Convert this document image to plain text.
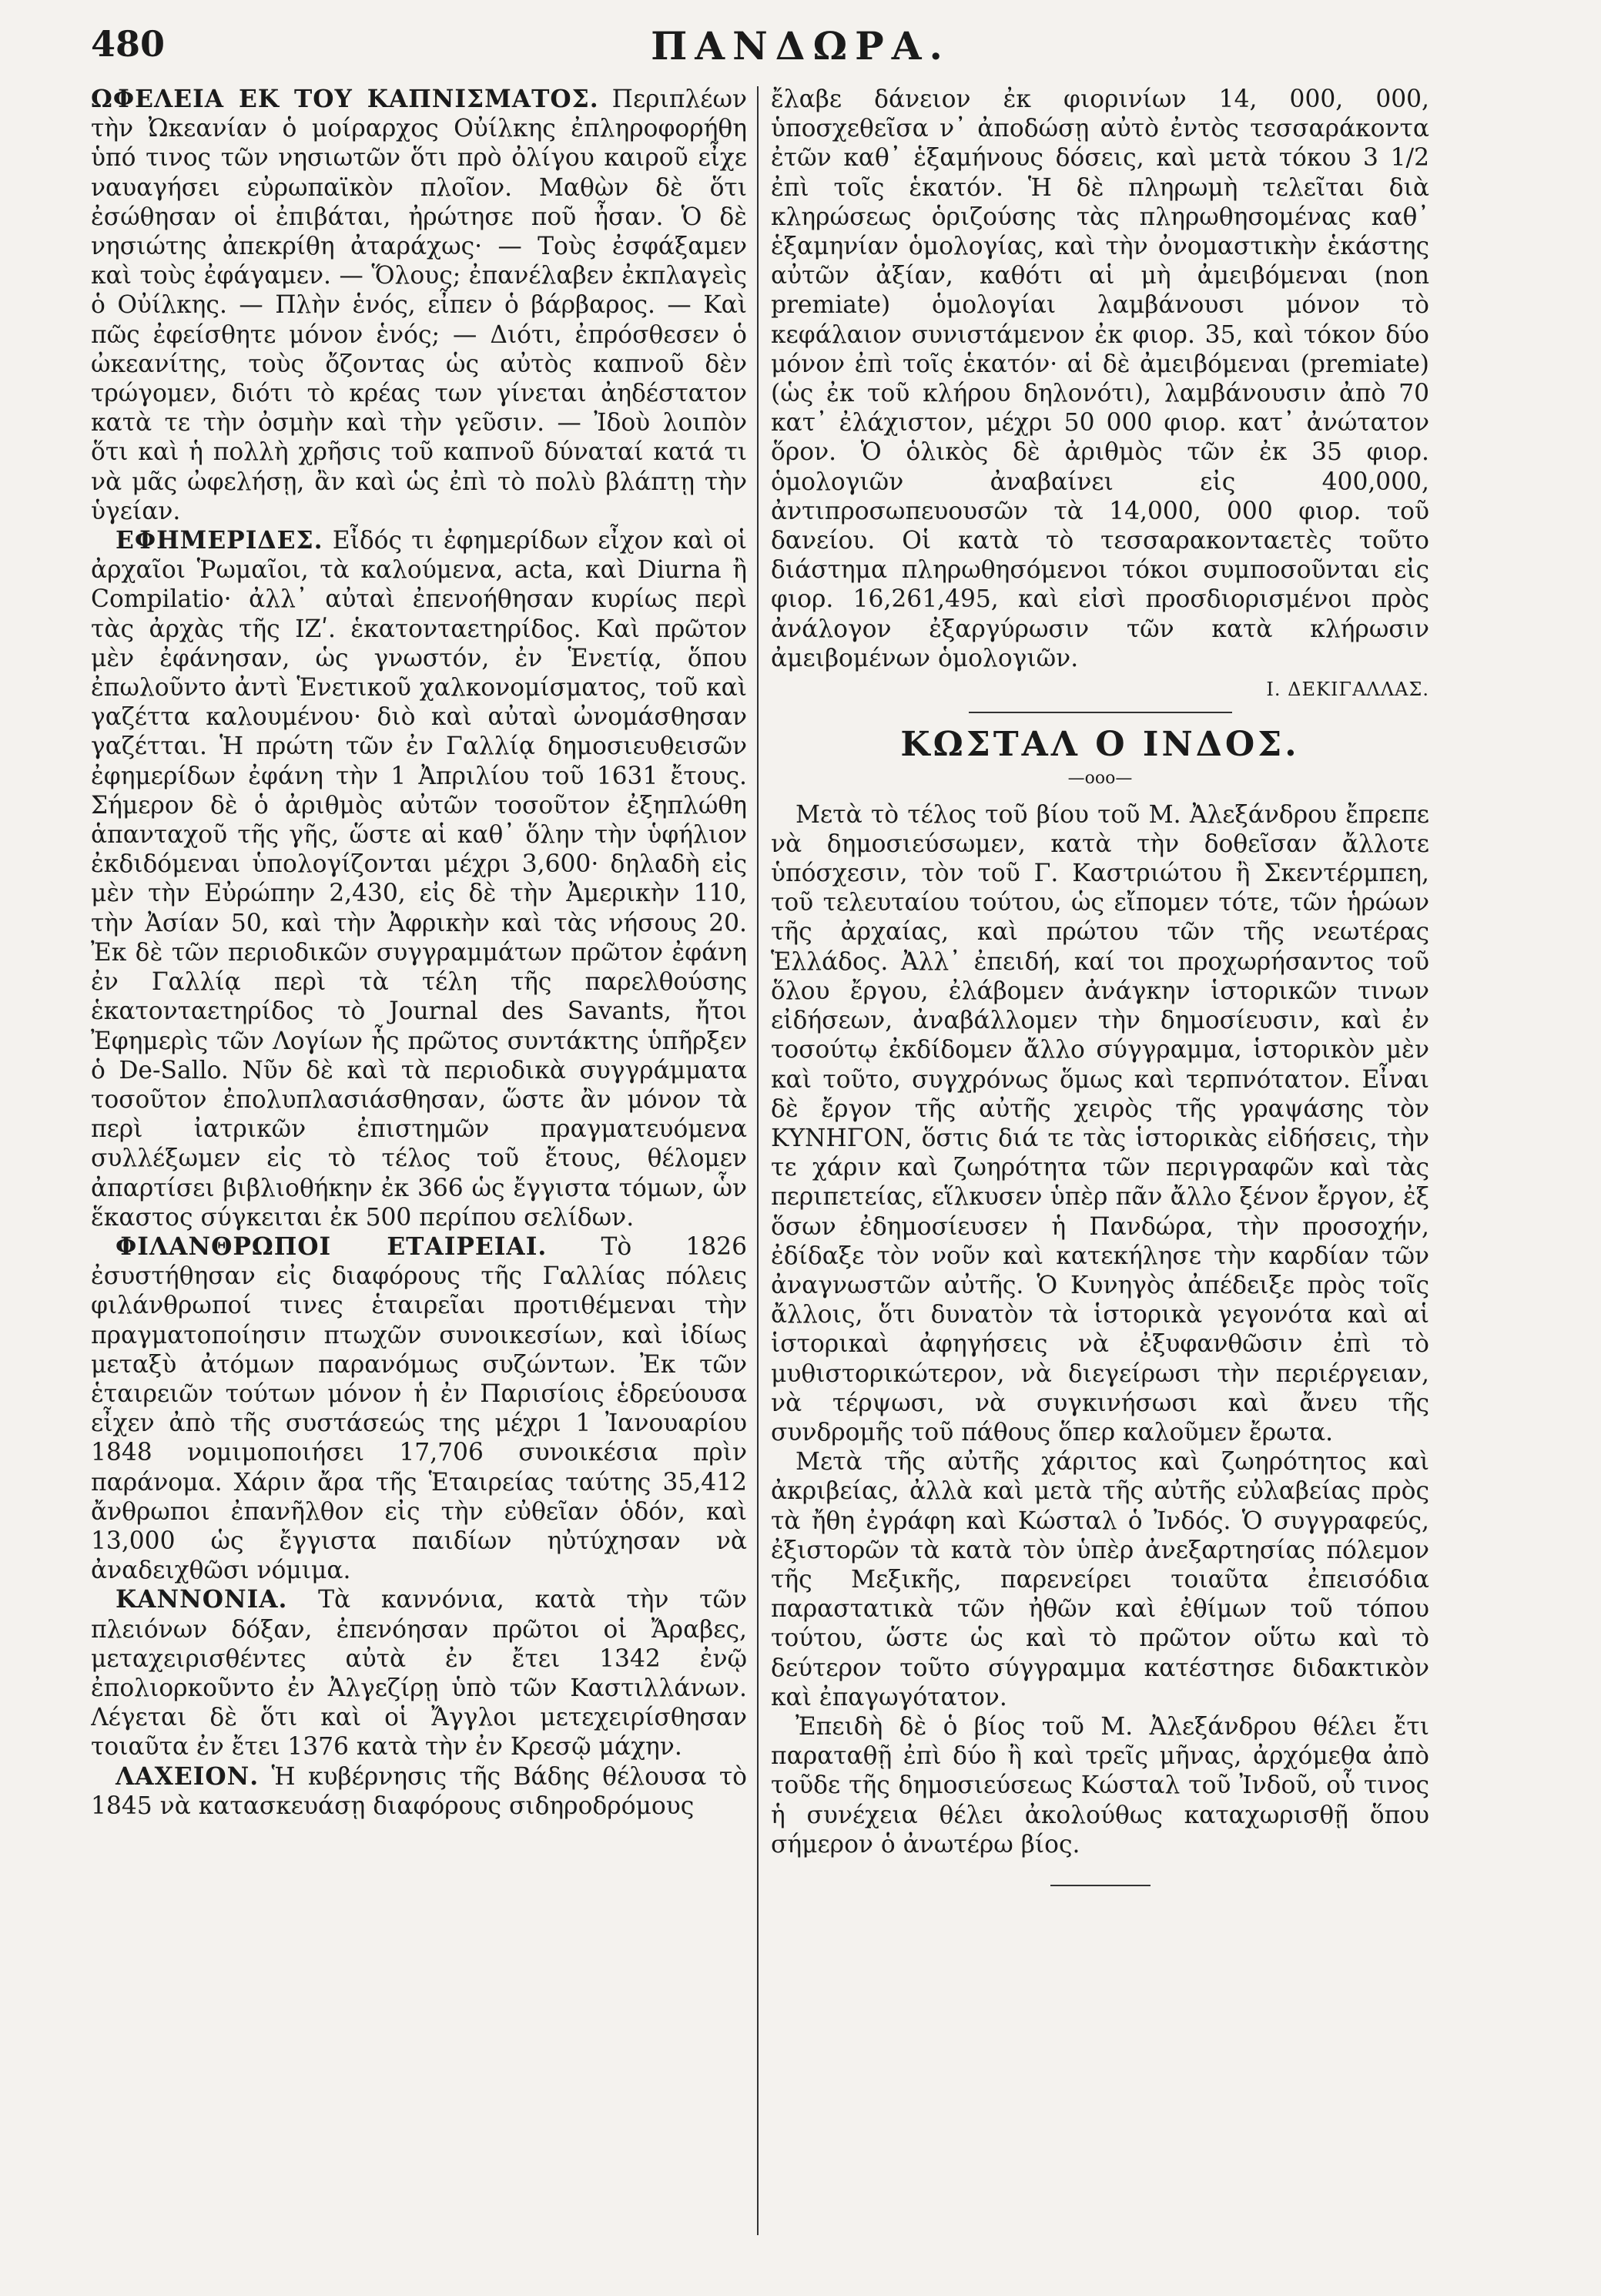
480	ΠΑΝΔΩΡΑ.

ΩΦΕΛΕΙΑ ΕΚ ΤΟΥ ΚΑΠΝΙΣΜΑΤΟΣ. Περιπλέων τὴν Ὠκεανίαν ὁ μοίραρχος Οὐίλκης ἐπληροφορήθη ὑπό τινος τῶν νησιωτῶν ὅτι πρὸ ὀλίγου καιροῦ εἶχε ναυαγήσει εὐρωπαϊκὸν πλοῖον. Μαθὼν δὲ ὅτι ἐσώθησαν οἱ ἐπιβάται, ἠρώτησε ποῦ ἦσαν. Ὁ δὲ νησιώτης ἀπεκρίθη ἀταράχως· — Τοὺς ἐσφάξαμεν καὶ τοὺς ἐφάγαμεν. — Ὅλους; ἐπανέλαβεν ἐκπλαγεὶς ὁ Οὐίλκης. — Πλὴν ἑνός, εἶπεν ὁ βάρβαρος. — Καὶ πῶς ἐφείσθητε μόνον ἑνός; — Διότι, ἐπρόσθεσεν ὁ ὠκεανίτης, τοὺς ὄζοντας ὡς αὐτὸς καπνοῦ δὲν τρώγομεν, διότι τὸ κρέας των γίνεται ἀηδέστατον κατὰ τε τὴν ὀσμὴν καὶ τὴν γεῦσιν. — Ἰδοὺ λοιπὸν ὅτι καὶ ἡ πολλὴ χρῆσις τοῦ καπνοῦ δύναταί κατά τι νὰ μᾶς ὠφελήσῃ, ἂν καὶ ὡς ἐπὶ τὸ πολὺ βλάπτῃ τὴν ὑγείαν.

ΕΦΗΜΕΡΙΔΕΣ. Εἶδός τι ἐφημερίδων εἶχον καὶ οἱ ἀρχαῖοι Ῥωμαῖοι, τὰ καλούμενα, acta, καὶ Diurna ἢ Compilatio· ἀλλ᾽ αὐταὶ ἐπενοήθησαν κυρίως περὶ τὰς ἀρχὰς τῆς ΙΖʹ. ἑκατονταετηρίδος. Καὶ πρῶτον μὲν ἐφάνησαν, ὡς γνωστόν, ἐν Ἑνετίᾳ, ὅπου ἐπωλοῦντο ἀντὶ Ἑνετικοῦ χαλκονομίσματος, τοῦ καὶ γαζέττα καλουμένου· διὸ καὶ αὐταὶ ὠνομάσθησαν γαζέτται. Ἡ πρώτη τῶν ἐν Γαλλίᾳ δημοσιευθεισῶν ἐφημερίδων ἐφάνη τὴν 1 Ἀπριλίου τοῦ 1631 ἔτους. Σήμερον δὲ ὁ ἀριθμὸς αὐτῶν τοσοῦτον ἐξηπλώθη ἁπανταχοῦ τῆς γῆς, ὥστε αἱ καθ᾽ ὅλην τὴν ὑφήλιον ἐκδιδόμεναι ὑπολογίζονται μέχρι 3,600· δηλαδὴ εἰς μὲν τὴν Εὐρώπην 2,430, εἰς δὲ τὴν Ἀμερικὴν 110, τὴν Ἀσίαν 50, καὶ τὴν Ἀφρικὴν καὶ τὰς νήσους 20. Ἐκ δὲ τῶν περιοδικῶν συγγραμμάτων πρῶτον ἐφάνη ἐν Γαλλίᾳ περὶ τὰ τέλη τῆς παρελθούσης ἑκατονταετηρίδος τὸ Journal des Savants, ἤτοι Ἐφημερὶς τῶν Λογίων ἧς πρῶτος συντάκτης ὑπῆρξεν ὁ De-Sallo. Νῦν δὲ καὶ τὰ περιοδικὰ συγγράμματα τοσοῦτον ἐπολυπλασιάσθησαν, ὥστε ἂν μόνον τὰ περὶ ἰατρικῶν ἐπιστημῶν πραγματευόμενα συλλέξωμεν εἰς τὸ τέλος τοῦ ἔτους, θέλομεν ἀπαρτίσει βιβλιοθήκην ἐκ 366 ὡς ἔγγιστα τόμων, ὧν ἕκαστος σύγκειται ἐκ 500 περίπου σελίδων.

ΦΙΛΑΝΘΡΩΠΟΙ ΕΤΑΙΡΕΙΑΙ. Τὸ 1826 ἐσυστήθησαν εἰς διαφόρους τῆς Γαλλίας πόλεις φιλάνθρωποί τινες ἑταιρεῖαι προτιθέμεναι τὴν πραγματοποίησιν πτωχῶν συνοικεσίων, καὶ ἰδίως μεταξὺ ἀτόμων παρανόμως συζώντων. Ἐκ τῶν ἑταιρειῶν τούτων μόνον ἡ ἐν Παρισίοις ἑδρεύουσα εἶχεν ἀπὸ τῆς συστάσεώς της μέχρι 1 Ἰανουαρίου 1848 νομιμοποιήσει 17,706 συνοικέσια πρὶν παράνομα. Χάριν ἄρα τῆς Ἑταιρείας ταύτης 35,412 ἄνθρωποι ἐπανῆλθον εἰς τὴν εὐθεῖαν ὁδόν, καὶ 13,000 ὡς ἔγγιστα παιδίων ηὐτύχησαν νὰ ἀναδειχθῶσι νόμιμα.

ΚΑΝΝΟΝΙΑ. Τὰ καννόνια, κατὰ τὴν τῶν πλειόνων δόξαν, ἐπενόησαν πρῶτοι οἱ Ἄραβες, μεταχειρισθέντες αὐτὰ ἐν ἔτει 1342 ἐνῷ ἐπολιορκοῦντο ἐν Ἀλγεζίρῃ ὑπὸ τῶν Καστιλλάνων. Λέγεται δὲ ὅτι καὶ οἱ Ἄγγλοι μετεχειρίσθησαν τοιαῦτα ἐν ἔτει 1376 κατὰ τὴν ἐν Κρεσῷ μάχην.

ΛΑΧΕΙΟΝ. Ἡ κυβέρνησις τῆς Βάδης θέλουσα τὸ 1845 νὰ κατασκευάσῃ διαφόρους σιδηροδρόμους

ἔλαβε δάνειον ἐκ φιορινίων 14, 000, 000, ὑποσχεθεῖσα ν᾽ ἀποδώσῃ αὐτὸ ἐντὸς τεσσαράκοντα ἐτῶν καθ᾽ ἑξαμήνους δόσεις, καὶ μετὰ τόκου 3 1/2 ἐπὶ τοῖς ἑκατόν. Ἡ δὲ πληρωμὴ τελεῖται διὰ κληρώσεως ὁριζούσης τὰς πληρωθησομένας καθ᾽ ἑξαμηνίαν ὁμολογίας, καὶ τὴν ὀνομαστικὴν ἑκάστης αὐτῶν ἀξίαν, καθότι αἱ μὴ ἀμειβόμεναι (non premiate) ὁμολογίαι λαμβάνουσι μόνον τὸ κεφάλαιον συνιστάμενον ἐκ φιορ. 35, καὶ τόκον δύο μόνον ἐπὶ τοῖς ἑκατόν· αἱ δὲ ἀμειβόμεναι (premiate) (ὡς ἐκ τοῦ κλήρου δηλονότι), λαμβάνουσιν ἀπὸ 70 κατ᾽ ἐλάχιστον, μέχρι 50 000 φιορ. κατ᾽ ἀνώτατον ὅρον. Ὁ ὁλικὸς δὲ ἀριθμὸς τῶν ἐκ 35 φιορ. ὁμολογιῶν ἀναβαίνει εἰς 400,000, ἀντιπροσωπευουσῶν τὰ 14,000, 000 φιορ. τοῦ δανείου. Οἱ κατὰ τὸ τεσσαρακονταετὲς τοῦτο διάστημα πληρωθησόμενοι τόκοι συμποσοῦνται εἰς φιορ. 16,261,495, καὶ εἰσὶ προσδιορισμένοι πρὸς ἀνάλογον ἐξαργύρωσιν τῶν κατὰ κλήρωσιν ἀμειβομένων ὁμολογιῶν.

Ι. ΔΕΚΙΓΑΛΛΑΣ.
ΚΩΣΤΑΛ Ο ΙΝΔΟΣ.
—ooo—

Μετὰ τὸ τέλος τοῦ βίου τοῦ Μ. Ἀλεξάνδρου ἔπρεπε νὰ δημοσιεύσωμεν, κατὰ τὴν δοθεῖσαν ἄλλοτε ὑπόσχεσιν, τὸν τοῦ Γ. Καστριώτου ἢ Σκεντέρμπεη, τοῦ τελευταίου τούτου, ὡς εἴπομεν τότε, τῶν ἡρώων τῆς ἀρχαίας, καὶ πρώτου τῶν τῆς νεωτέρας Ἑλλάδος. Ἀλλ᾽ ἐπειδή, καί τοι προχωρήσαντος τοῦ ὅλου ἔργου, ἐλάβομεν ἀνάγκην ἱστορικῶν τινων εἰδήσεων, ἀναβάλλομεν τὴν δημοσίευσιν, καὶ ἐν τοσούτῳ ἐκδίδομεν ἄλλο σύγγραμμα, ἱστορικὸν μὲν καὶ τοῦτο, συγχρόνως ὅμως καὶ τερπνότατον. Εἶναι δὲ ἔργον τῆς αὐτῆς χειρὸς τῆς γραψάσης τὸν ΚΥΝΗΓΟΝ, ὅστις διά τε τὰς ἱστορικὰς εἰδήσεις, τὴν τε χάριν καὶ ζωηρότητα τῶν περιγραφῶν καὶ τὰς περιπετείας, εἵλκυσεν ὑπὲρ πᾶν ἄλλο ξένον ἔργον, ἐξ ὅσων ἐδημοσίευσεν ἡ Πανδώρα, τὴν προσοχήν, ἐδίδαξε τὸν νοῦν καὶ κατεκήλησε τὴν καρδίαν τῶν ἀναγνωστῶν αὐτῆς. Ὁ Κυνηγὸς ἀπέδειξε πρὸς τοῖς ἄλλοις, ὅτι δυνατὸν τὰ ἱστορικὰ γεγονότα καὶ αἱ ἱστορικαὶ ἀφηγήσεις νὰ ἐξυφανθῶσιν ἐπὶ τὸ μυθιστορικώτερον, νὰ διεγείρωσι τὴν περιέργειαν, νὰ τέρψωσι, νὰ συγκινήσωσι καὶ ἄνευ τῆς συνδρομῆς τοῦ πάθους ὅπερ καλοῦμεν ἔρωτα.

Μετὰ τῆς αὐτῆς χάριτος καὶ ζωηρότητος καὶ ἀκριβείας, ἀλλὰ καὶ μετὰ τῆς αὐτῆς εὐλαβείας πρὸς τὰ ἤθη ἐγράφη καὶ Κώσταλ ὁ Ἰνδός. Ὁ συγγραφεύς, ἐξιστορῶν τὰ κατὰ τὸν ὑπὲρ ἀνεξαρτησίας πόλεμον τῆς Μεξικῆς, παρενείρει τοιαῦτα ἐπεισόδια παραστατικὰ τῶν ἠθῶν καὶ ἐθίμων τοῦ τόπου τούτου, ὥστε ὡς καὶ τὸ πρῶτον οὕτω καὶ τὸ δεύτερον τοῦτο σύγγραμμα κατέστησε διδακτικὸν καὶ ἐπαγωγότατον.

Ἐπειδὴ δὲ ὁ βίος τοῦ Μ. Ἀλεξάνδρου θέλει ἔτι παραταθῇ ἐπὶ δύο ἢ καὶ τρεῖς μῆνας, ἀρχόμεθα ἀπὸ τοῦδε τῆς δημοσιεύσεως Κώσταλ τοῦ Ἰνδοῦ, οὗ τινος ἡ συνέχεια θέλει ἀκολούθως καταχωρισθῇ ὅπου σήμερον ὁ ἀνωτέρω βίος.
